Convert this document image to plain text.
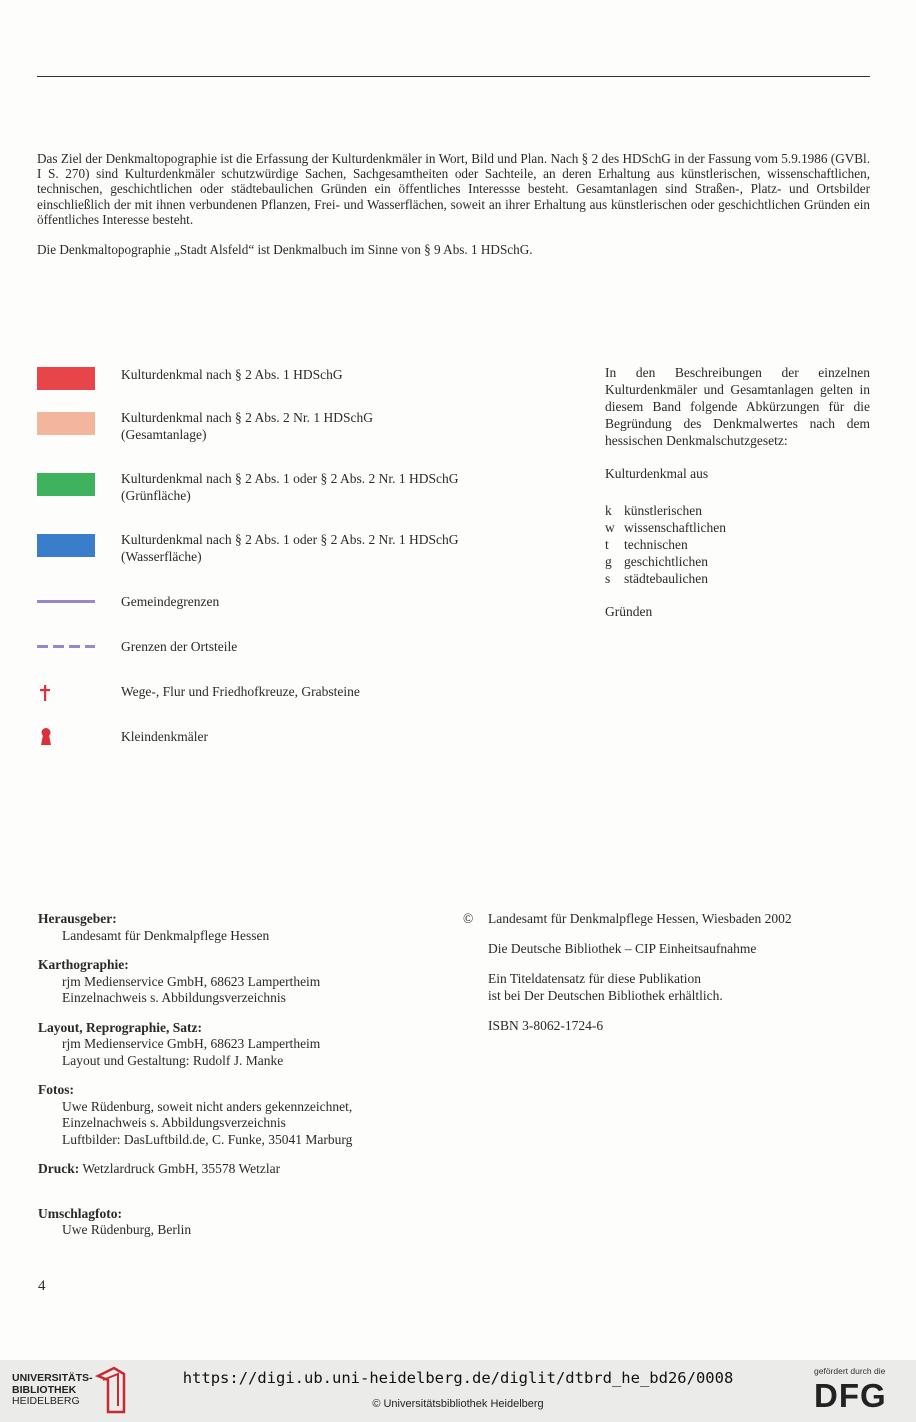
Das Ziel der Denkmaltopographie ist die Erfassung der Kulturdenkmäler in Wort, Bild und Plan. Nach § 2 des HDSchG in der Fassung vom 5.9.1986 (GVBl. I S. 270) sind Kulturdenkmäler schutzwürdige Sachen, Sachgesamtheiten oder Sachteile, an deren Erhaltung aus künstlerischen, wissenschaftlichen, technischen, geschichtlichen oder städtebaulichen Gründen ein öffentliches Interessse besteht. Gesamtanlagen sind Straßen-, Platz- und Ortsbilder einschließlich der mit ihnen verbundenen Pflanzen, Frei- und Wasserflächen, soweit an ihrer Erhaltung aus künstlerischen oder geschichtlichen Gründen ein öffentliches Interesse besteht.

Die Denkmaltopographie „Stadt Alsfeld“ ist Denkmalbuch im Sinne von § 9 Abs. 1 HDSchG.

Kulturdenkmal nach § 2 Abs. 1 HDSchG
Kulturdenkmal nach § 2 Abs. 2 Nr. 1 HDSchG
(Gesamtanlage)
Kulturdenkmal nach § 2 Abs. 1 oder § 2 Abs. 2 Nr. 1 HDSchG
(Grünfläche)
Kulturdenkmal nach § 2 Abs. 1 oder § 2 Abs. 2 Nr. 1 HDSchG
(Wasserfläche)
Gemeindegrenzen
Grenzen der Ortsteile
Wege-, Flur und Friedhofkreuze, Grabsteine
Kleindenkmäler
In den Beschreibungen der einzelnen Kulturdenkmäler und Gesamtanlagen gelten in diesem Band folgende Abkürzungen für die Begründung des Denkmalwertes nach dem hessischen Denkmalschutzgesetz:
Kulturdenkmal aus
k künstlerischen
w wissenschaftlichen
t	technischen
g geschichtlichen
s	städtebaulichen
Gründen
Herausgeber:
Landesamt für Denkmalpflege Hessen
Karthographie:
rjm Medienservice GmbH, 68623 Lampertheim
Einzelnachweis s. Abbildungsverzeichnis
Layout, Reprographie, Satz:
rjm Medienservice GmbH, 68623 Lampertheim
Layout und Gestaltung: Rudolf J. Manke
Fotos:
Uwe Rüdenburg, soweit nicht anders gekennzeichnet,
Einzelnachweis s. Abbildungsverzeichnis
Luftbilder: DasLuftbild.de, C. Funke, 35041 Marburg
Druck: Wetzlardruck GmbH, 35578 Wetzlar
Umschlagfoto:
Uwe Rüdenburg, Berlin
© Landesamt für Denkmalpflege Hessen, Wiesbaden 2002
Die Deutsche Bibliothek – CIP Einheitsaufnahme
Ein Titeldatensatz für diese Publikation
ist bei Der Deutschen Bibliothek erhältlich.
ISBN 3-8062-1724-6
4
UNIVERSITÄTS-
BIBLIOTHEK
HEIDELBERG
https://digi.ub.uni-heidelberg.de/diglit/dtbrd_he_bd26/0008
© Universitätsbibliothek Heidelberg
gefördert durch die
DFG
